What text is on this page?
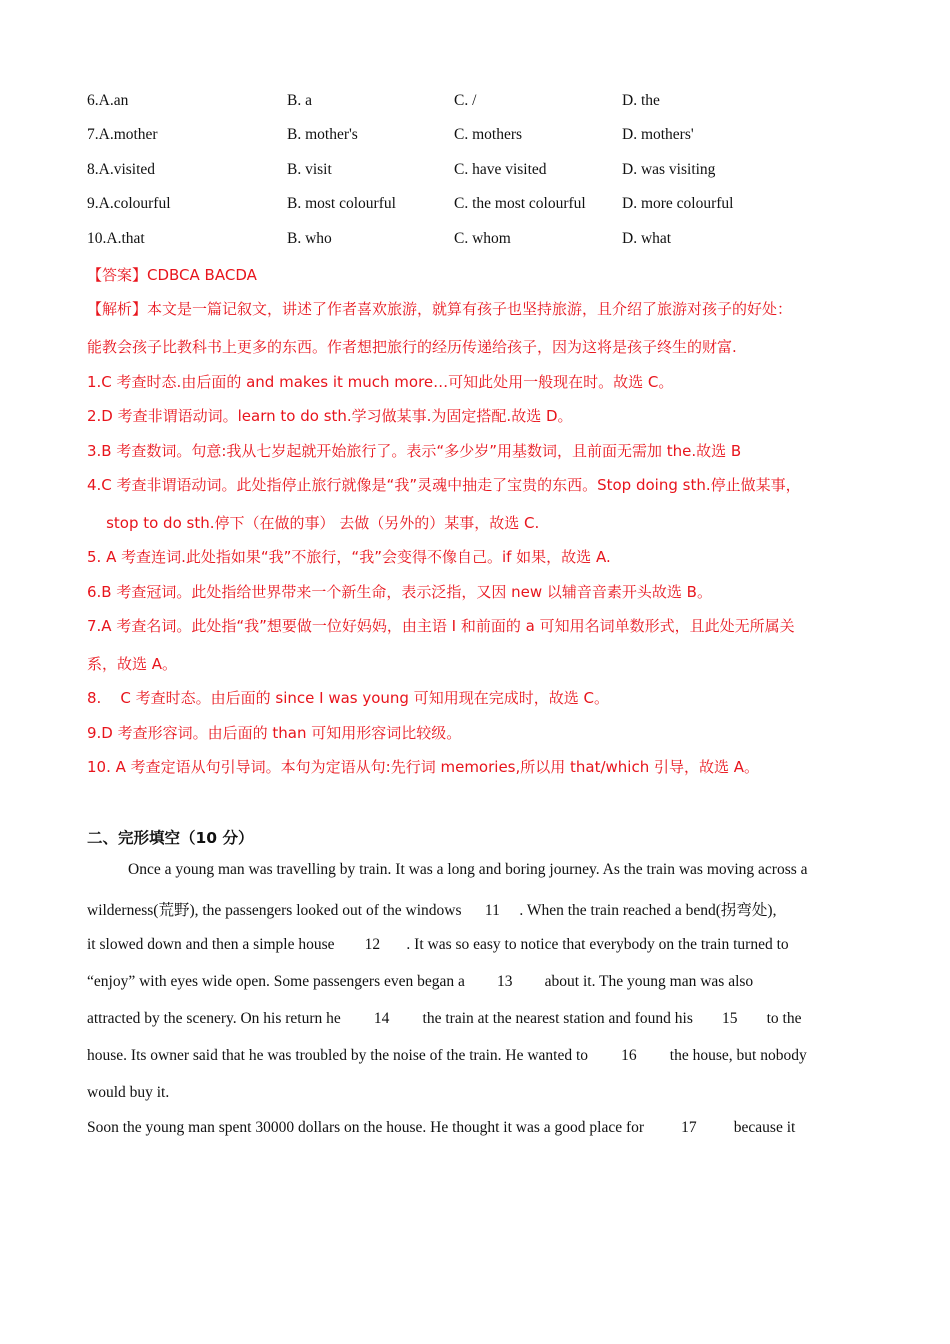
6.A.an	B. a	C. /	D. the
7.A.mother	B. mother's	C. mothers	D. mothers'
8.A.visited	B. visit	C. have visited	D. was visiting
9.A.colourful	B. most colourful	C. the most colourful D. more colourful
10.A.that	B. who	C. whom	D. what
【答案】CDBCA BACDA
【解析】本文是一篇记叙文，讲述了作者喜欢旅游，就算有孩子也坚持旅游，且介绍了旅游对孩子的好处：
能教会孩子比教科书上更多的东西。作者想把旅行的经历传递给孩子，因为这将是孩子终生的财富.
1.C 考查时态.由后面的 and makes it much more…可知此处用一般现在时。故选 C。
2.D 考查非谓语动词。learn to do sth.学习做某事.为固定搭配.故选 D。
3.B 考查数词。句意:我从七岁起就开始旅行了。表示“多少岁”用基数词，且前面无需加 the.故选 B
4.C 考查非谓语动词。此处指停止旅行就像是“我”灵魂中抽走了宝贵的东西。Stop doing sth.停止做某事，
stop to do sth.停下（在做的事） 去做（另外的）某事，故选 C.
5. A 考查连词.此处指如果“我”不旅行，“我”会变得不像自己。if 如果，故选 A.
6.B 考查冠词。此处指给世界带来一个新生命，表示泛指，又因 new 以辅音音素开头故选 B。
7.A 考查名词。此处指“我”想要做一位好妈妈，由主语 I 和前面的 a 可知用名词单数形式，且此处无所属关
系，故选 A。
8.    C 考查时态。由后面的 since I was young 可知用现在完成时，故选 C。
9.D 考查形容词。由后面的 than 可知用形容词比较级。
10. A 考查定语从句引导词。本句为定语从句:先行词 memories,所以用 that/which 引导，故选 A。
二、完形填空（10 分）
Once a young man was travelling by train. It was a long and boring journey. As the train was moving across a
wilderness(荒野), the passengers looked out of the windows 11 . When the train reached a bend(拐弯处),
it slowed down and then a simple house 12 . It was so easy to notice that everybody on the train turned to
“enjoy” with eyes wide open. Some passengers even began a 13 about it. The young man was also
attracted by the scenery. On his return he 14 the train at the nearest station and found his 15 to the
house. Its owner said that he was troubled by the noise of the train. He wanted to 16 the house, but nobody
would buy it.
Soon the young man spent 30000 dollars on the house. He thought it was a good place for 17 because it
